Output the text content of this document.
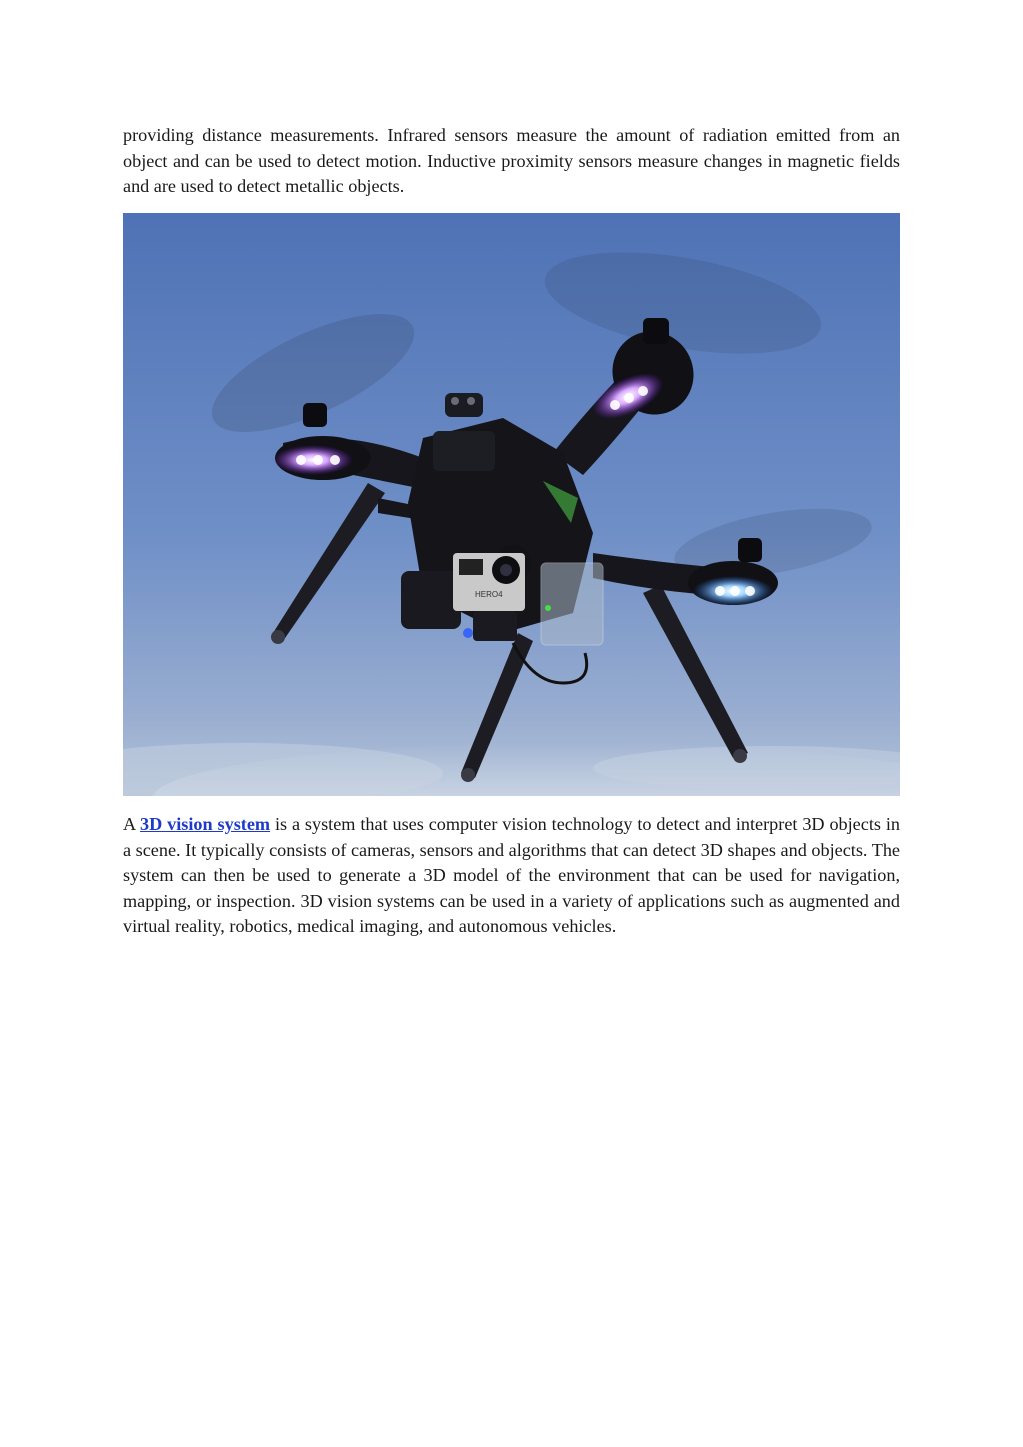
providing distance measurements. Infrared sensors measure the amount of radiation emitted from an object and can be used to detect motion. Inductive proximity sensors measure changes in magnetic fields and are used to detect metallic objects.

HERO4

A 3D vision system is a system that uses computer vision technology to detect and interpret 3D objects in a scene. It typically consists of cameras, sensors and algorithms that can detect 3D shapes and objects. The system can then be used to generate a 3D model of the environment that can be used for navigation, mapping, or inspection. 3D vision systems can be used in a variety of applications such as augmented and virtual reality, robotics, medical imaging, and autonomous vehicles.
